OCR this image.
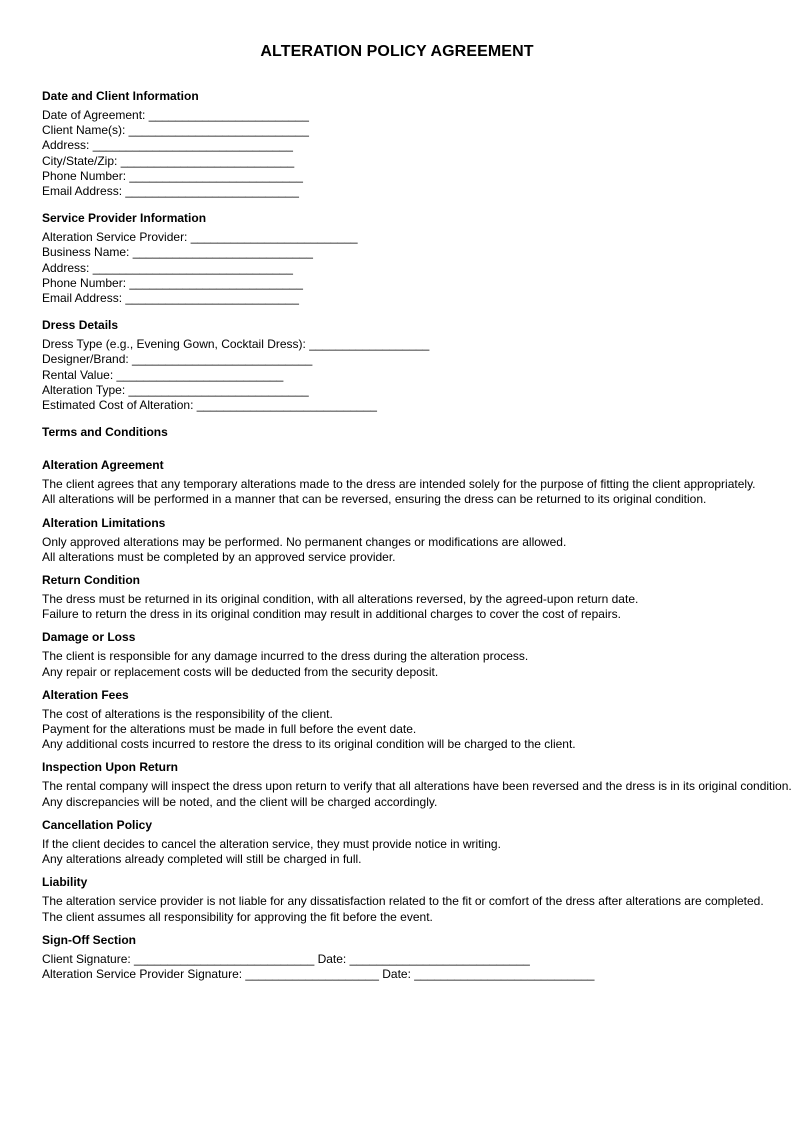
ALTERATION POLICY AGREEMENT
Date and Client Information
Date of Agreement: ________________________
Client Name(s): ___________________________
Address: ______________________________
City/State/Zip: __________________________
Phone Number: __________________________
Email Address: __________________________
Service Provider Information
Alteration Service Provider: _________________________
Business Name: ___________________________
Address: ______________________________
Phone Number: __________________________
Email Address: __________________________
Dress Details
Dress Type (e.g., Evening Gown, Cocktail Dress): __________________
Designer/Brand: ___________________________
Rental Value: _________________________
Alteration Type: ___________________________
Estimated Cost of Alteration: ___________________________
Terms and Conditions
Alteration Agreement
The client agrees that any temporary alterations made to the dress are intended solely for the purpose of fitting the client appropriately.
All alterations will be performed in a manner that can be reversed, ensuring the dress can be returned to its original condition.
Alteration Limitations
Only approved alterations may be performed. No permanent changes or modifications are allowed.
All alterations must be completed by an approved service provider.
Return Condition
The dress must be returned in its original condition, with all alterations reversed, by the agreed-upon return date.
Failure to return the dress in its original condition may result in additional charges to cover the cost of repairs.
Damage or Loss
The client is responsible for any damage incurred to the dress during the alteration process.
Any repair or replacement costs will be deducted from the security deposit.
Alteration Fees
The cost of alterations is the responsibility of the client.
Payment for the alterations must be made in full before the event date.
Any additional costs incurred to restore the dress to its original condition will be charged to the client.
Inspection Upon Return
The rental company will inspect the dress upon return to verify that all alterations have been reversed and the dress is in its original condition.
Any discrepancies will be noted, and the client will be charged accordingly.
Cancellation Policy
If the client decides to cancel the alteration service, they must provide notice in writing.
Any alterations already completed will still be charged in full.
Liability
The alteration service provider is not liable for any dissatisfaction related to the fit or comfort of the dress after alterations are completed.
The client assumes all responsibility for approving the fit before the event.
Sign-Off Section
Client Signature: ___________________________ Date: ___________________________
Alteration Service Provider Signature: ____________________ Date: ___________________________
